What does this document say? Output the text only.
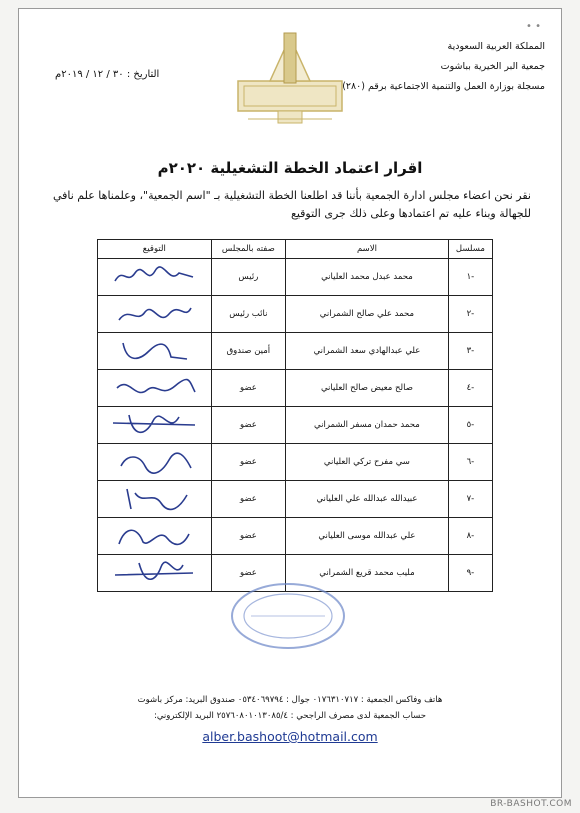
• •
المملكة العربية السعودية
جمعية البر الخيرية بباشوت
مسجلة بوزارة العمل والتنمية الاجتماعية برقم (٢٨٠)
التاريخ : ٣٠ / ١٢ / ٢٠١٩م
اقرار اعتماد الخطة التشغيلية ٢٠٢٠م
نقر نحن اعضاء مجلس ادارة الجمعية بأننا قد اطلعنا الخطة التشغيلية بـ "اسم الجمعية"، وعلمناها علم نافي للجهالة وبناء عليه تم اعتمادها وعلى ذلك جرى التوقيع
مسلسل	الاسم	صفته بالمجلس	التوقيع
-١	محمد عبدل محمد العلياني	رئيس	

-٢	محمد علي صالح الشمراني	نائب رئيس	

-٣	علي عبدالهادي سعد الشمراني	أمين صندوق	

-٤	صالح معيض صالح العلياني	عضو	

-٥	محمد حمدان مسفر الشمراني	عضو	

-٦	سي مفرح تركي العلياني	عضو	

-٧	عبيدالله عبدالله علي العلياني	عضو	

-٨	علي عبدالله موسى العلياني	عضو	

-٩	مليب محمد قريع الشمراني	عضو	
هاتف وفاكس الجمعية : ٠١٧٦٣١٠٧١٧ جوال : ٠٥٣٤٠٦٩٧٩٤ صندوق البريد: مركز باشوت
حساب الجمعية لدى مصرف الراجحي : ٢٥٧٦٠٨٠١٠١٣٠٨٥/٤ البريد الإلكتروني:
alber.bashoot@hotmail.com
BR-BASHOT.COM
